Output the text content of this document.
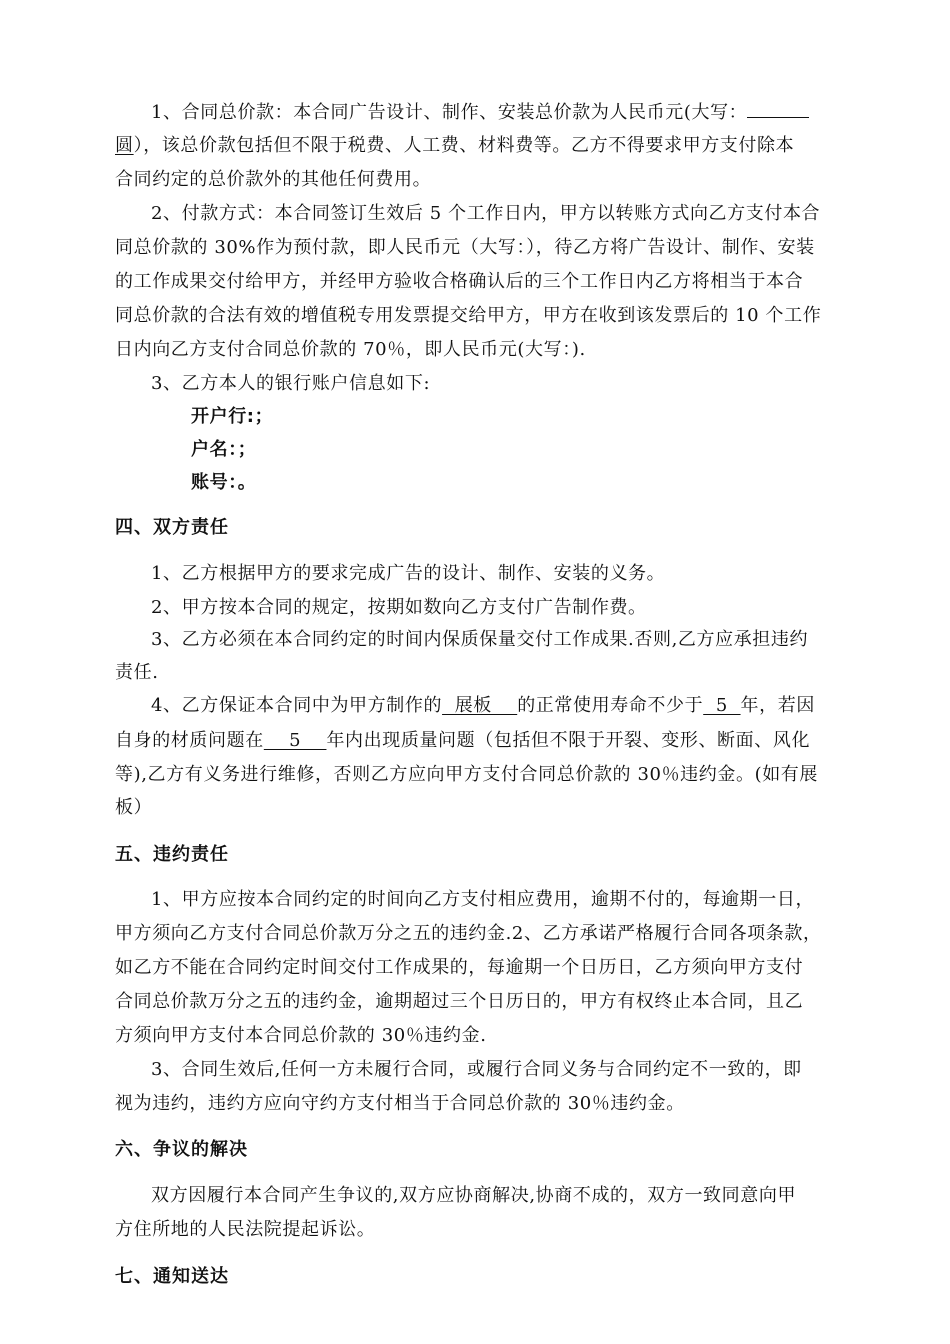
1、合同总价款：本合同广告设计、制作、安装总价款为人民币元(大写：
圆），该总价款包括但不限于税费、人工费、材料费等。乙方不得要求甲方支付除本
合同约定的总价款外的其他任何费用。
2、付款方式：本合同签订生效后 5 个工作日内，甲方以转账方式向乙方支付本合
同总价款的 30%作为预付款，即人民币元（大写：），待乙方将广告设计、制作、安装
的工作成果交付给甲方，并经甲方验收合格确认后的三个工作日内乙方将相当于本合
同总价款的合法有效的增值税专用发票提交给甲方，甲方在收到该发票后的 10 个工作
日内向乙方支付合同总价款的 70％，即人民币元(大写：).
3、乙方本人的银行账户信息如下:
开户行:；
户名：；
账号：。
四、双方责任
1、乙方根据甲方的要求完成广告的设计、制作、安装的义务。
2、甲方按本合同的规定，按期如数向乙方支付广告制作费。
3、乙方必须在本合同约定的时间内保质保量交付工作成果.否则,乙方应承担违约
责任.
4、乙方保证本合同中为甲方制作的  展板    的正常使用寿命不少于  5  年，若因
自身的材质问题在    5    年内出现质量问题（包括但不限于开裂、变形、断面、风化
等),乙方有义务进行维修，否则乙方应向甲方支付合同总价款的 30％违约金。(如有展
板）
五、违约责任
1、甲方应按本合同约定的时间向乙方支付相应费用，逾期不付的，每逾期一日，
甲方须向乙方支付合同总价款万分之五的违约金.2、乙方承诺严格履行合同各项条款，
如乙方不能在合同约定时间交付工作成果的，每逾期一个日历日，乙方须向甲方支付
合同总价款万分之五的违约金，逾期超过三个日历日的，甲方有权终止本合同，且乙
方须向甲方支付本合同总价款的 30％违约金.
3、合同生效后,任何一方未履行合同，或履行合同义务与合同约定不一致的，即
视为违约，违约方应向守约方支付相当于合同总价款的 30％违约金。
六、争议的解决
双方因履行本合同产生争议的,双方应协商解决,协商不成的，双方一致同意向甲
方住所地的人民法院提起诉讼。
七、通知送达
